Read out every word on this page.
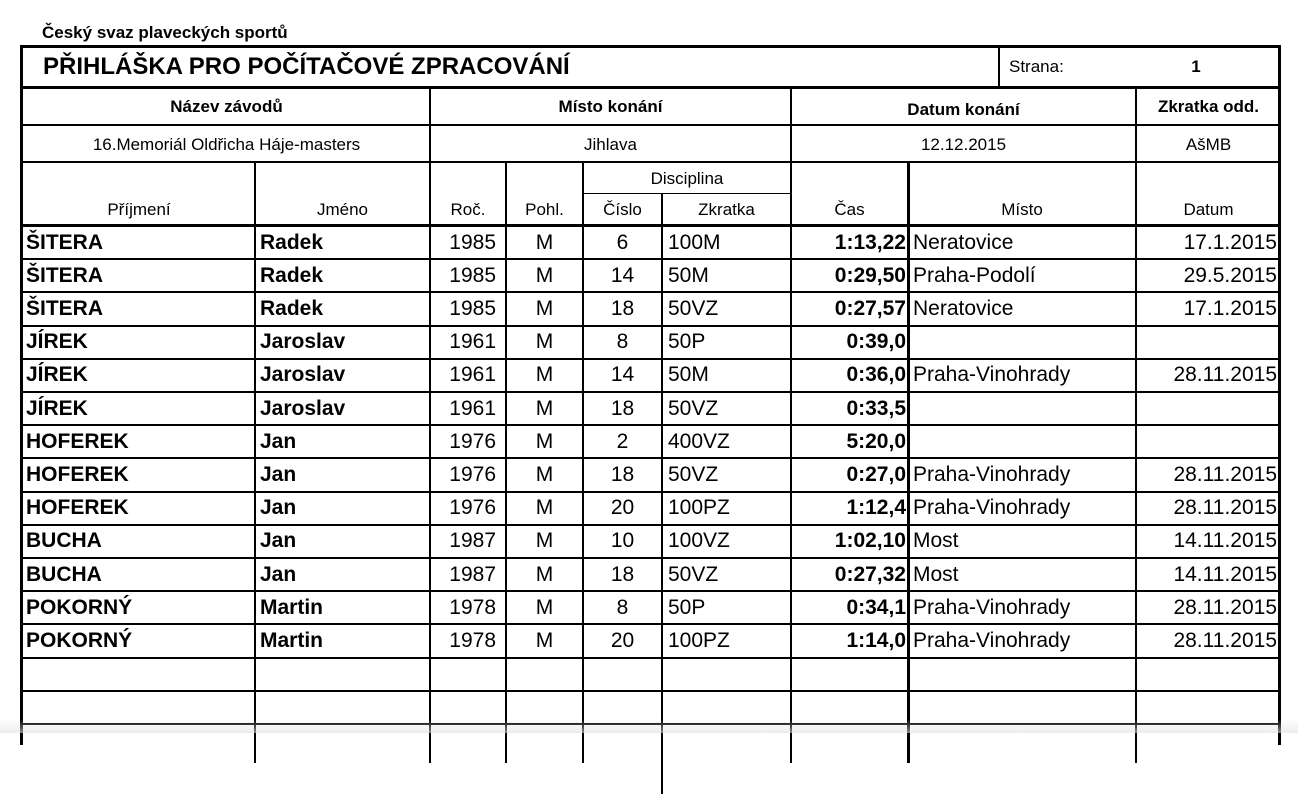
Český svaz plaveckých sportů
PŘIHLÁŠKA PRO POČÍTAČOVÉ ZPRACOVÁNÍ	Strana:	1
Název závodů	Místo konání	Datum konání	Zkratka odd.
16.Memoriál Oldřicha Háje-masters	Jihlava	12.12.2015	AšMB
Disciplina
Příjmení	Jméno	Roč.	Pohl.	Číslo	Zkratka	Čas	Místo	Datum
ŠITERA	Radek	1985	M	6	100M	1:13,22 Neratovice	17.1.2015
ŠITERA	Radek	1985	M	14	50M	0:29,50 Praha-Podolí	29.5.2015
ŠITERA	Radek	1985	M	18	50VZ	0:27,57 Neratovice	17.1.2015
JÍREK	Jaroslav	1961	M	8	50P	0:39,0
JÍREK	Jaroslav	1961	M	14	50M	0:36,0 Praha-Vinohrady	28.11.2015
JÍREK	Jaroslav	1961	M	18	50VZ	0:33,5
HOFEREK	Jan	1976	M	2	400VZ	5:20,0
HOFEREK	Jan	1976	M	18	50VZ	0:27,0 Praha-Vinohrady	28.11.2015
HOFEREK	Jan	1976	M	20	100PZ	1:12,4 Praha-Vinohrady	28.11.2015
BUCHA	Jan	1987	M	10	100VZ	1:02,10 Most	14.11.2015
BUCHA	Jan	1987	M	18	50VZ	0:27,32 Most	14.11.2015
POKORNÝ	Martin	1978	M	8	50P	0:34,1 Praha-Vinohrady	28.11.2015
POKORNÝ	Martin	1978	M	20	100PZ	1:14,0 Praha-Vinohrady	28.11.2015
